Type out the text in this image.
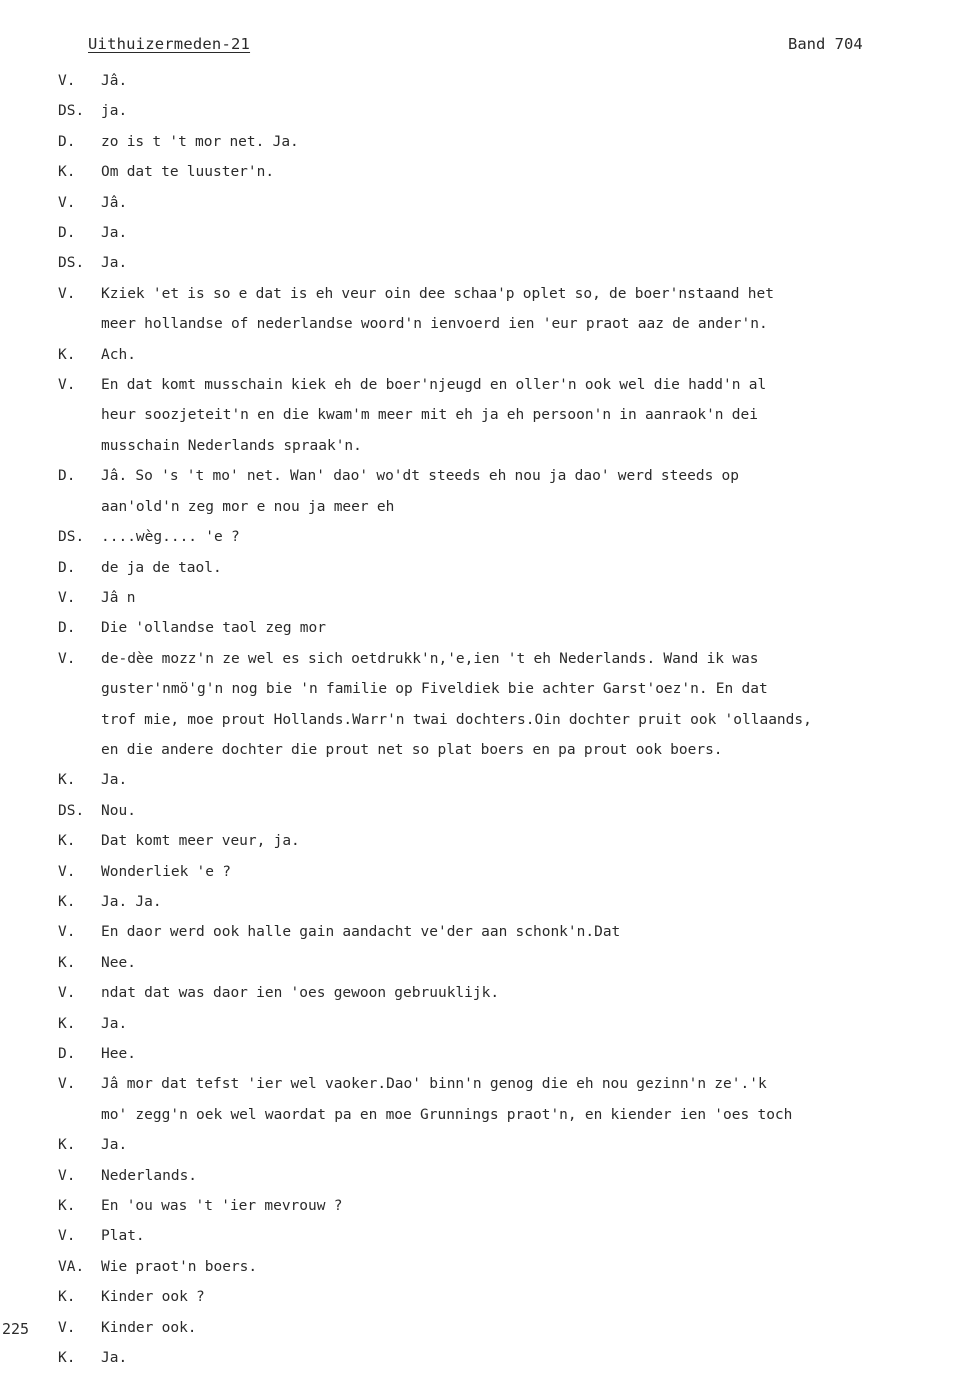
Uithuizermeden-21	Band 704
V. Jâ.
DS. ja.
D. zo is t 't mor net. Ja.
K. Om dat te luuster'n.
V. Jâ.
D. Ja.
DS. Ja.
V. Kziek 'et is so e dat is eh veur oin dee schaa'p oplet so, de boer'nstaand het
meer hollandse of nederlandse woord'n ienvoerd ien 'eur praot aaz de ander'n.
K. Ach.
V. En dat komt musschain kiek eh de boer'njeugd en oller'n ook wel die hadd'n al
heur soozjeteit'n en die kwam'm meer mit eh ja eh persoon'n in aanraok'n dei
musschain Nederlands spraak'n.
D. Jâ. So 's 't mo' net. Wan' dao' wo'dt steeds eh nou ja dao' werd steeds op
aan'old'n zeg mor e nou ja meer eh
DS. ....wèg.... 'e ?
D. de ja de taol.
V. Jâ n
D. Die 'ollandse taol zeg mor
V. de-dèe mozz'n ze wel es sich oetdrukk'n,'e,ien 't eh Nederlands. Wand ik was
guster'nmö'g'n nog bie 'n familie op Fiveldiek bie achter Garst'oez'n. En dat
trof mie, moe prout Hollands.Warr'n twai dochters.Oin dochter pruit ook 'ollaands,
en die andere dochter die prout net so plat boers en pa prout ook boers.
K. Ja.
DS. Nou.
K. Dat komt meer veur, ja.
V. Wonderliek 'e ?
K. Ja. Ja.
V. En daor werd ook halle gain aandacht ve'der aan schonk'n.Dat
K. Nee.
V. ndat dat was daor ien 'oes gewoon gebruuklijk.
K. Ja.
D. Hee.
V. Jâ mor dat tefst 'ier wel vaoker.Dao' binn'n genog die eh nou gezinn'n ze'.'k
mo' zegg'n oek wel waordat pa en moe Grunnings praot'n, en kiender ien 'oes toch
K. Ja.
V. Nederlands.
K. En 'ou was 't 'ier mevrouw ?
V. Plat.
VA. Wie praot'n boers.
K. Kinder ook ?
V. Kinder ook.
K. Ja.
225
